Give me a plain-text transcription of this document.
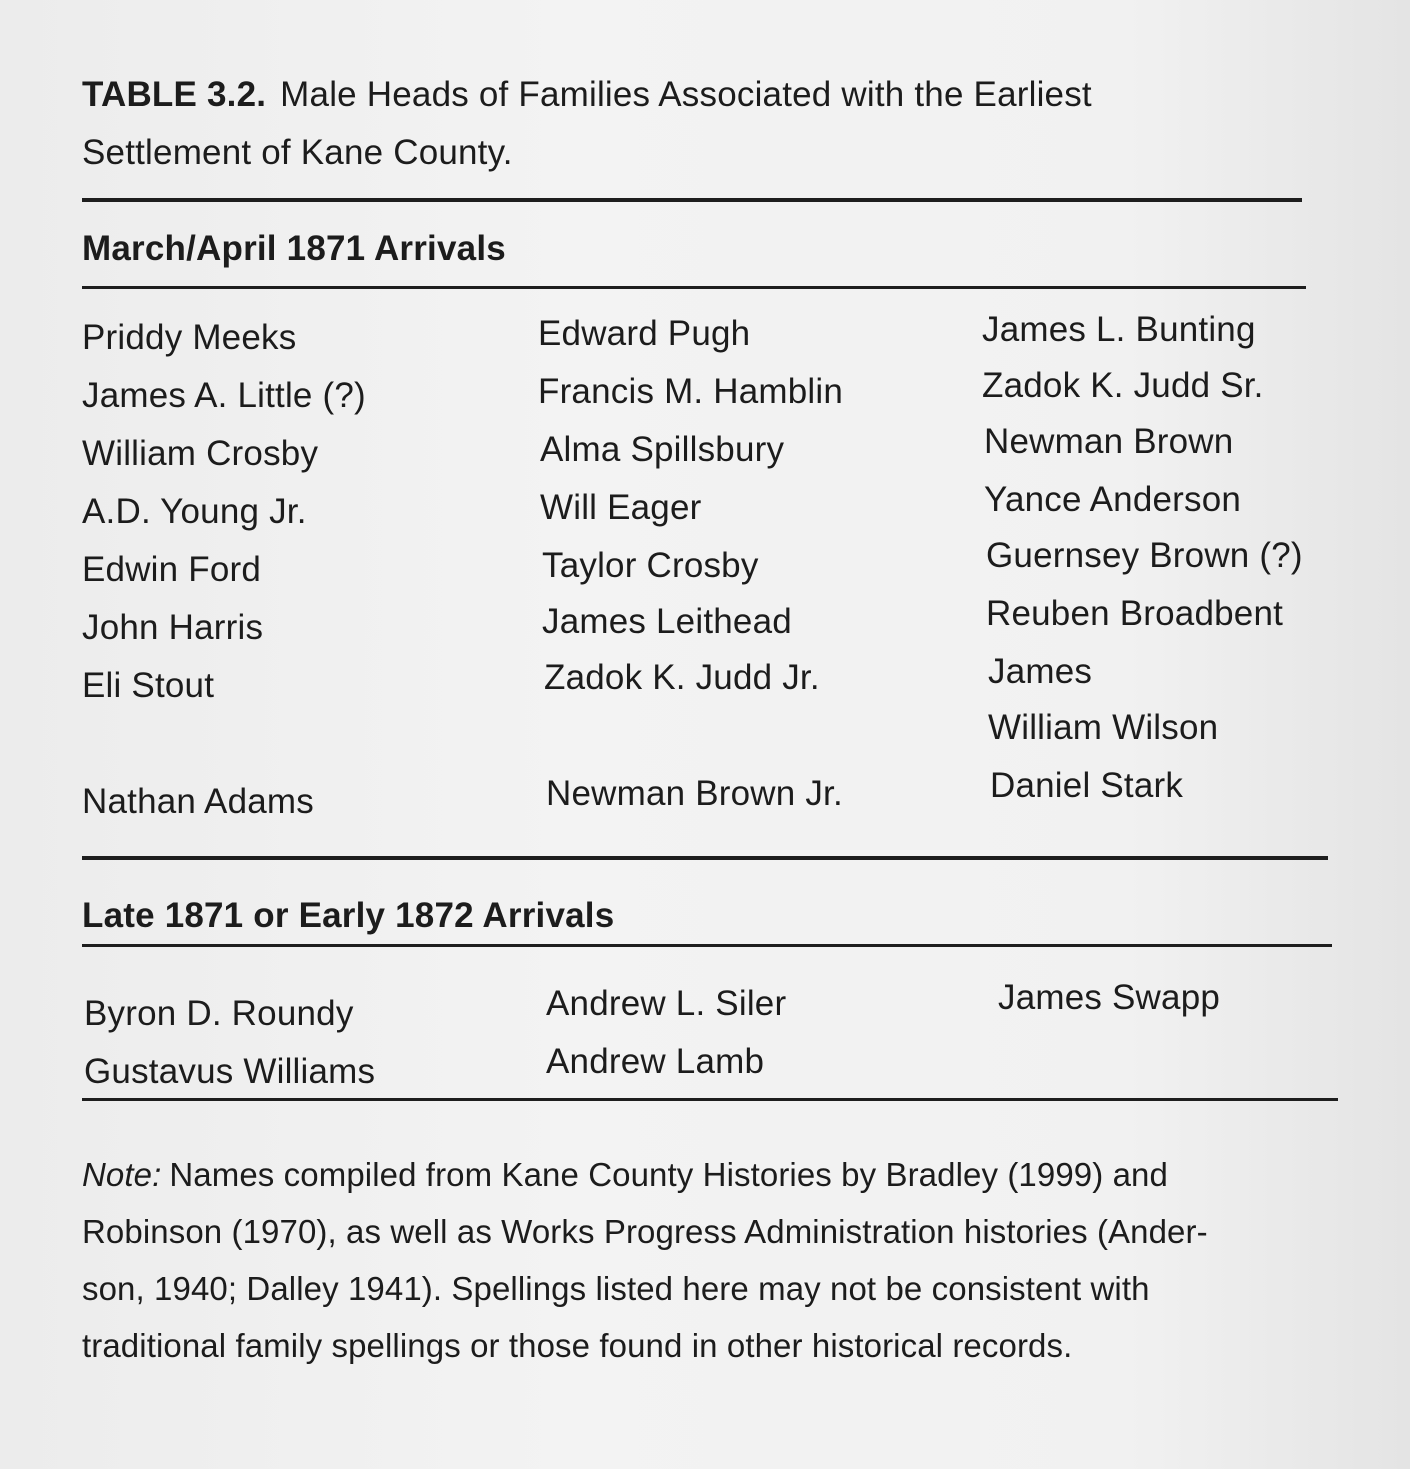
TABLE 3.2. Male Heads of Families Associated with the Earliest
Settlement of Kane County.
March/April 1871 Arrivals
Priddy Meeks
James A. Little (?)
William Crosby
A.D. Young Jr.
Edwin Ford
John Harris
Eli Stout
Nathan Adams
Edward Pugh
Francis M. Hamblin
Alma Spillsbury
Will Eager
Taylor Crosby
James Leithead
Zadok K. Judd Jr.
Newman Brown Jr.
James L. Bunting
Zadok K. Judd Sr.
Newman Brown
Yance Anderson
Guernsey Brown (?)
Reuben Broadbent
James
William Wilson
Daniel Stark
Late 1871 or Early 1872 Arrivals
Byron D. Roundy
Gustavus Williams
Andrew L. Siler
Andrew Lamb
James Swapp
Note: Names compiled from Kane County Histories by Bradley (1999) and
Robinson (1970), as well as Works Progress Administration histories (Ander-
son, 1940; Dalley 1941). Spellings listed here may not be consistent with
traditional family spellings or those found in other historical records.
